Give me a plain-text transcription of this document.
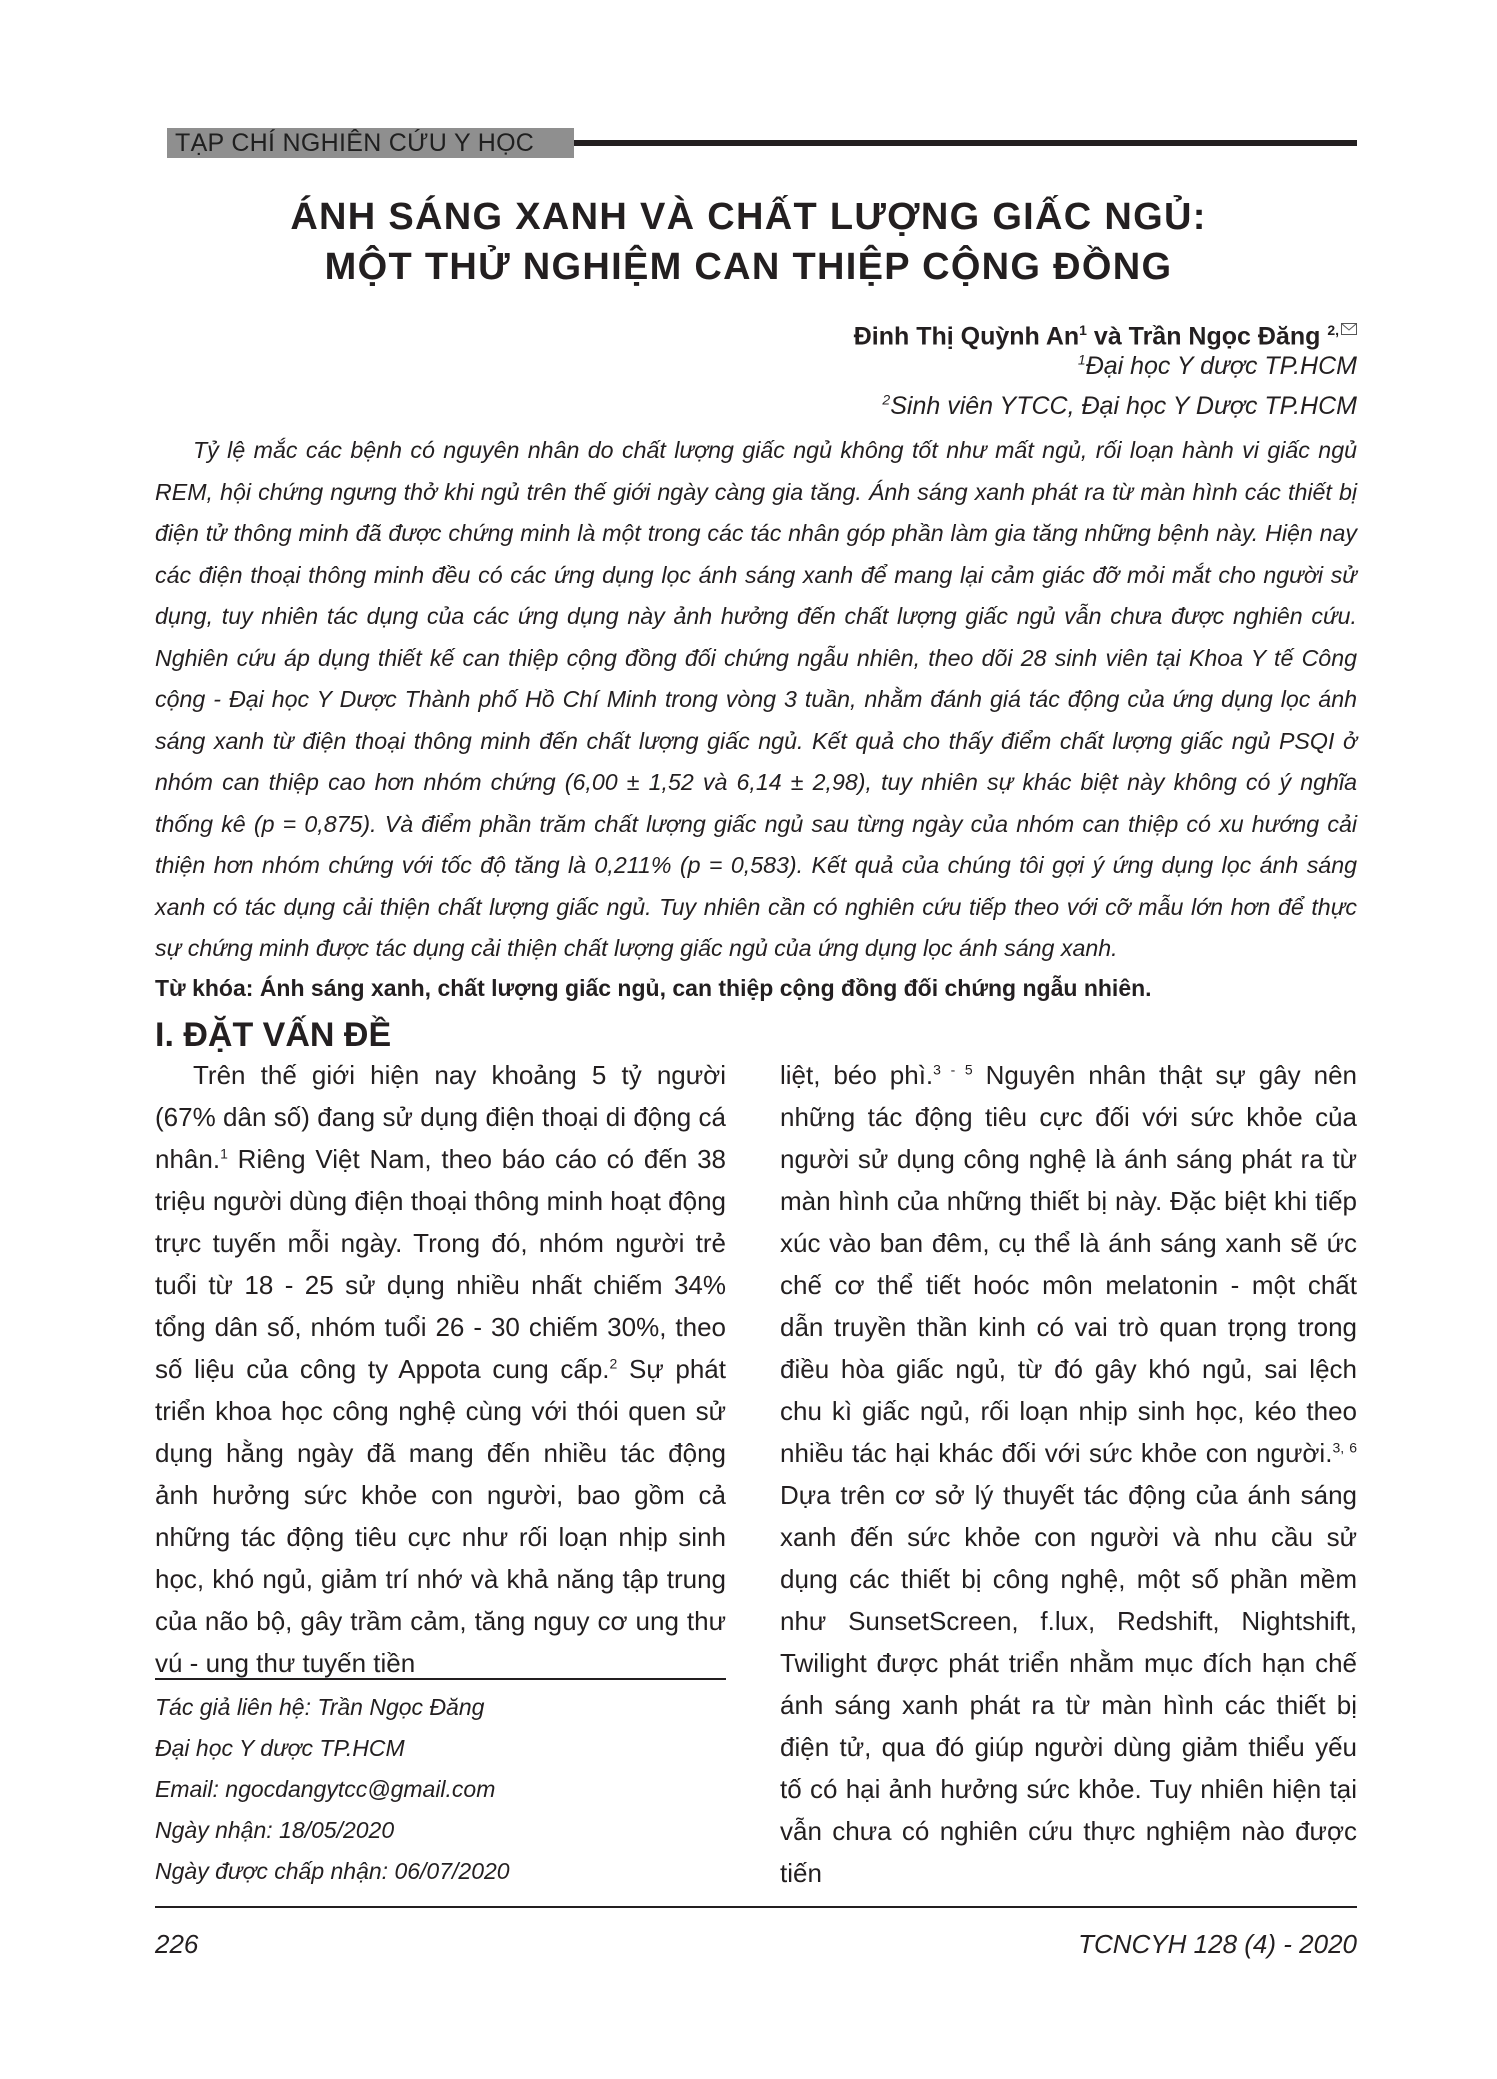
TẠP CHÍ NGHIÊN CỨU Y HỌC
ÁNH SÁNG XANH VÀ CHẤT LƯỢNG GIẤC NGỦ:
MỘT THỬ NGHIỆM CAN THIỆP CỘNG ĐỒNG
Đinh Thị Quỳnh An$^1$ và Trần Ngọc Đăng $^{2,}$
$^1$Đại học Y dược TP.HCM
$^2$Sinh viên YTCC, Đại học Y Dược TP.HCM

Tỷ lệ mắc các bệnh có nguyên nhân do chất lượng giấc ngủ không tốt như mất ngủ, rối loạn hành vi giấc ngủ REM, hội chứng ngưng thở khi ngủ trên thế giới ngày càng gia tăng. Ánh sáng xanh phát ra từ màn hình các thiết bị điện tử thông minh đã được chứng minh là một trong các tác nhân góp phần làm gia tăng những bệnh này. Hiện nay các điện thoại thông minh đều có các ứng dụng lọc ánh sáng xanh để mang lại cảm giác đỡ mỏi mắt cho người sử dụng, tuy nhiên tác dụng của các ứng dụng này ảnh hưởng đến chất lượng giấc ngủ vẫn chưa được nghiên cứu. Nghiên cứu áp dụng thiết kế can thiệp cộng đồng đối chứng ngẫu nhiên, theo dõi 28 sinh viên tại Khoa Y tế Công cộng - Đại học Y Dược Thành phố Hồ Chí Minh trong vòng 3 tuần, nhằm đánh giá tác động của ứng dụng lọc ánh sáng xanh từ điện thoại thông minh đến chất lượng giấc ngủ. Kết quả cho thấy điểm chất lượng giấc ngủ PSQI ở nhóm can thiệp cao hơn nhóm chứng (6,00 ± 1,52 và 6,14 ± 2,98), tuy nhiên sự khác biệt này không có ý nghĩa thống kê (p = 0,875). Và điểm phần trăm chất lượng giấc ngủ sau từng ngày của nhóm can thiệp có xu hướng cải thiện hơn nhóm chứng với tốc độ tăng là 0,211% (p = 0,583). Kết quả của chúng tôi gợi ý ứng dụng lọc ánh sáng xanh có tác dụng cải thiện chất lượng giấc ngủ. Tuy nhiên cần có nghiên cứu tiếp theo với cỡ mẫu lớn hơn để thực sự chứng minh được tác dụng cải thiện chất lượng giấc ngủ của ứng dụng lọc ánh sáng xanh.

Từ khóa: Ánh sáng xanh, chất lượng giấc ngủ, can thiệp cộng đồng đối chứng ngẫu nhiên.
I. ĐẶT VẤN ĐỀ

Trên thế giới hiện nay khoảng 5 tỷ người (67% dân số) đang sử dụng điện thoại di động cá nhân.$^1$ Riêng Việt Nam, theo báo cáo có đến 38 triệu người dùng điện thoại thông minh hoạt động trực tuyến mỗi ngày. Trong đó, nhóm người trẻ tuổi từ 18 - 25 sử dụng nhiều nhất chiếm 34% tổng dân số, nhóm tuổi 26 - 30 chiếm 30%, theo số liệu của công ty Appota cung cấp.$^2$ Sự phát triển khoa học công nghệ cùng với thói quen sử dụng hằng ngày đã mang đến nhiều tác động ảnh hưởng sức khỏe con người, bao gồm cả những tác động tiêu cực như rối loạn nhịp sinh học, khó ngủ, giảm trí nhớ và khả năng tập trung của não bộ, gây trầm cảm, tăng nguy cơ ung thư vú - ung thư tuyến tiền

liệt, béo phì.$^{3 - 5}$ Nguyên nhân thật sự gây nên những tác động tiêu cực đối với sức khỏe của người sử dụng công nghệ là ánh sáng phát ra từ màn hình của những thiết bị này. Đặc biệt khi tiếp xúc vào ban đêm, cụ thể là ánh sáng xanh sẽ ức chế cơ thể tiết hoóc môn melatonin - một chất dẫn truyền thần kinh có vai trò quan trọng trong điều hòa giấc ngủ, từ đó gây khó ngủ, sai lệch chu kì giấc ngủ, rối loạn nhịp sinh học, kéo theo nhiều tác hại khác đối với sức khỏe con người.$^{3, 6}$ Dựa trên cơ sở lý thuyết tác động của ánh sáng xanh đến sức khỏe con người và nhu cầu sử dụng các thiết bị công nghệ, một số phần mềm như SunsetScreen, f.lux, Redshift, Nightshift, Twilight được phát triển nhằm mục đích hạn chế ánh sáng xanh phát ra từ màn hình các thiết bị điện tử, qua đó giúp người dùng giảm thiểu yếu tố có hại ảnh hưởng sức khỏe. Tuy nhiên hiện tại vẫn chưa có nghiên cứu thực nghiệm nào được tiến

Tác giả liên hệ: Trần Ngọc Đăng
Đại học Y dược TP.HCM
Email: ngocdangytcc@gmail.com
Ngày nhận: 18/05/2020
Ngày được chấp nhận: 06/07/2020
226	TCNCYH 128 (4) - 2020
